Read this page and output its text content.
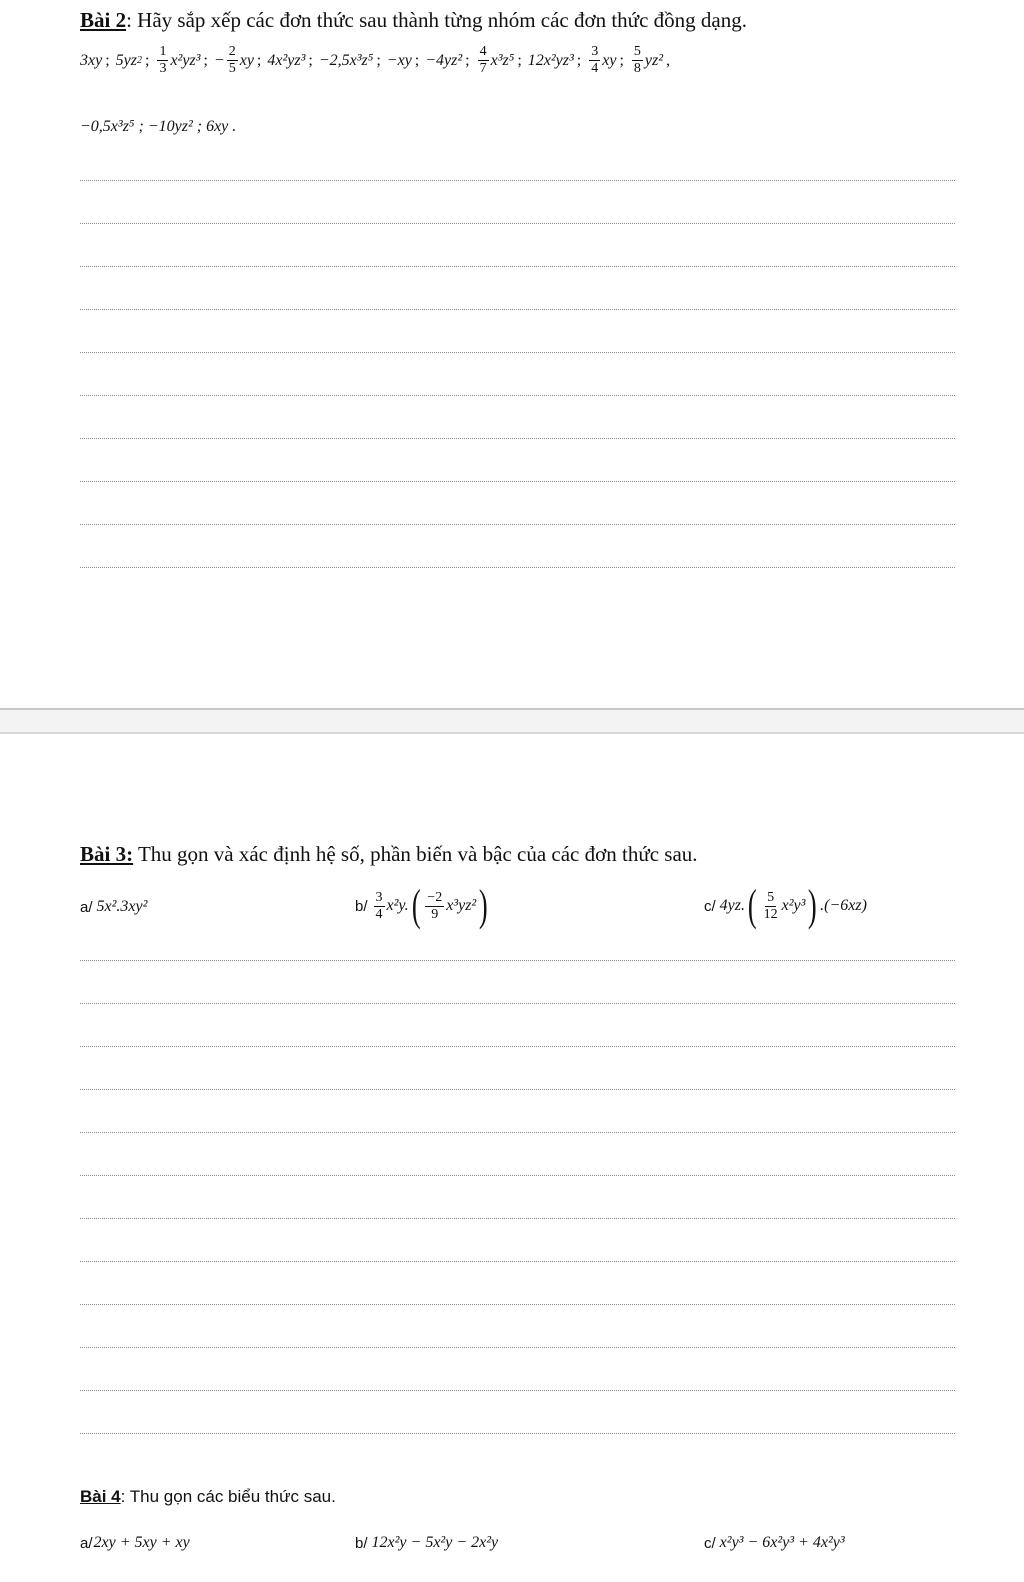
Bài 2: Hãy sắp xếp các đơn thức sau thành từng nhóm các đơn thức đồng dạng.
3xy ; 5yz 2 ; $\frac{1}{3} x^2yz^3$ ; − $\frac{2}{5}$ xy ; 4x²yz³ ; −2,5x³z⁵ ; −xy ; −4yz² ; $\frac{4}{7} x^3z^5$ ; 12x²yz³ ; $\frac{3}{4}$ xy ; $\frac{5}{8} yz^2$ ,
−0,5x³z⁵ ; −10yz² ; 6xy .
Bài 3: Thu gọn và xác định hệ số, phần biến và bậc của các đơn thức sau.
a/ 5x².3xy²	$b/ \frac{3}{4} x^2y$. ( $\frac{-2}{9} x^3yz^2$ )	c/ 4yz. ( $\frac{5}{12} x^2y^3$ ) .(−6xz)
Bài 4: Thu gọn các biểu thức sau.
a/ 2xy + 5xy + xy	b/ 12x²y − 5x²y − 2x²y	c/ x²y³ − 6x²y³ + 4x²y³
